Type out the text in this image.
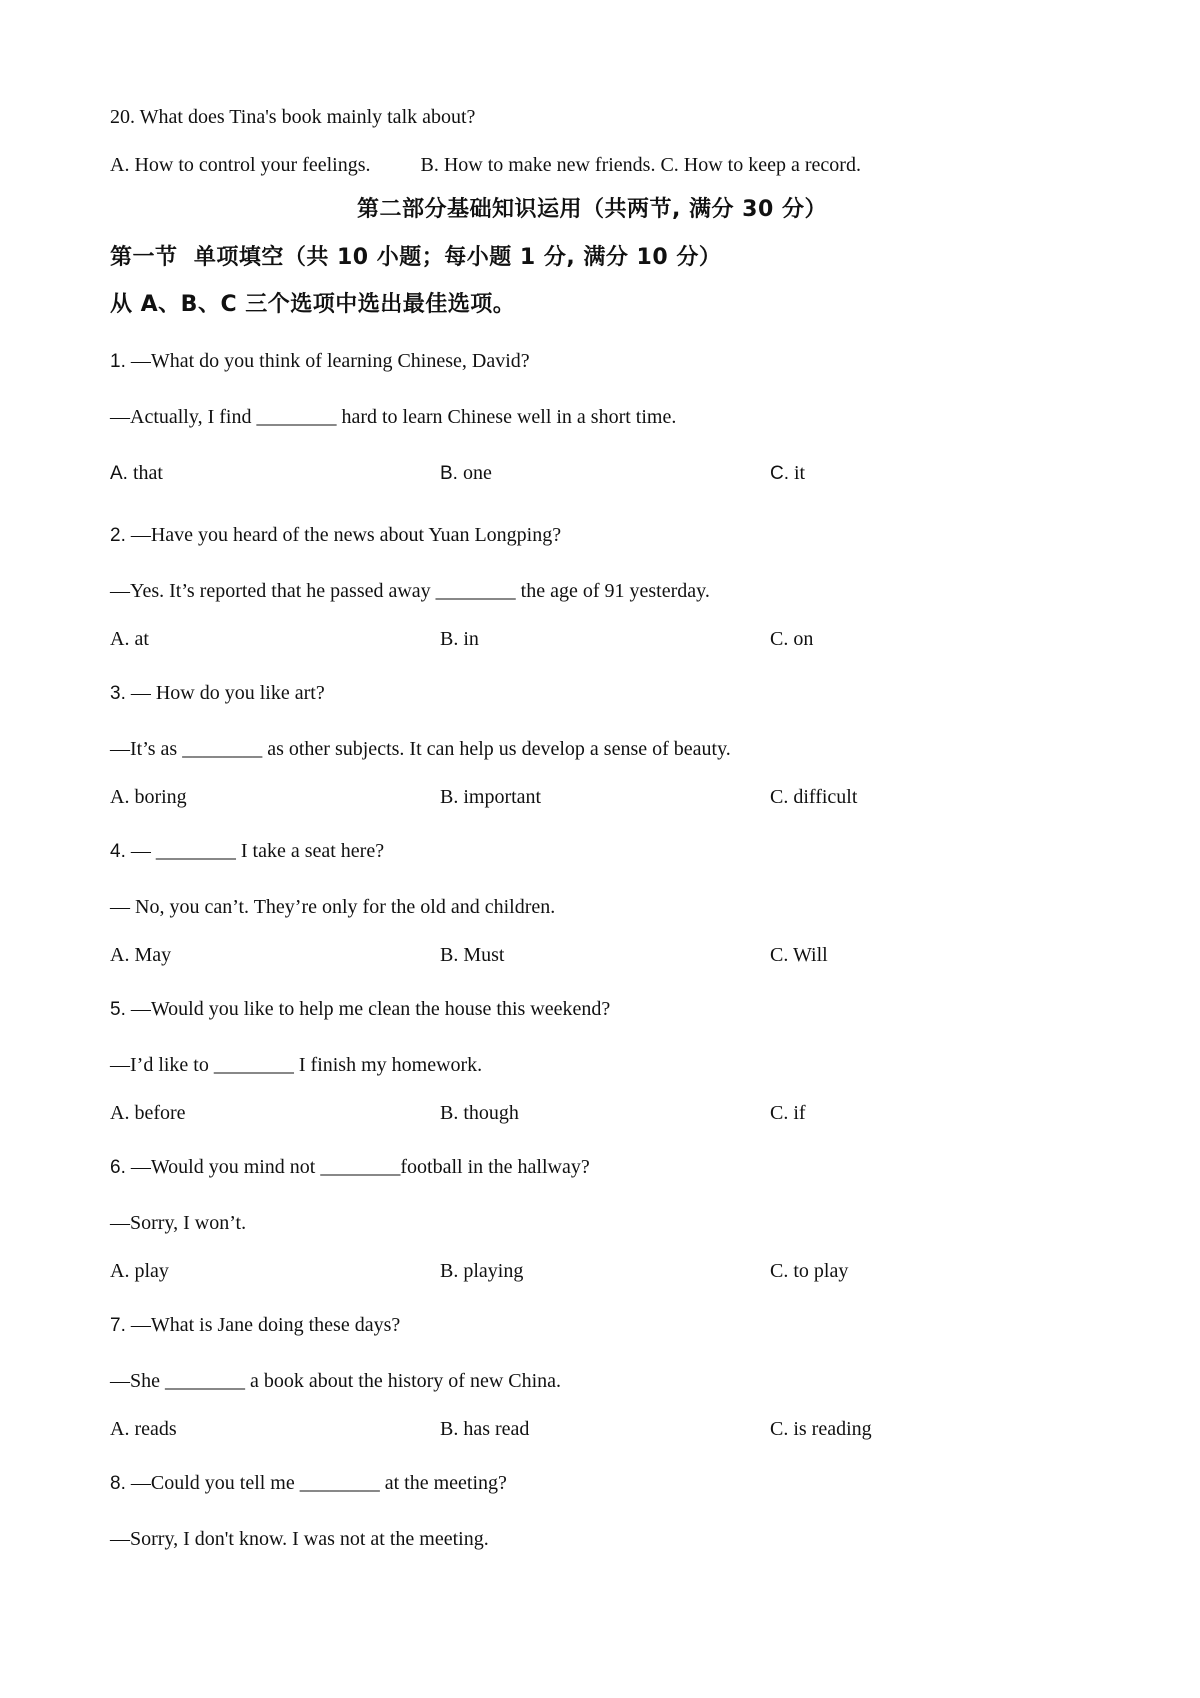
20. What does Tina's book mainly talk about?
A. How to control your feelings.          B. How to make new friends. C. How to keep a record.
第二部分基础知识运用（共两节, 满分 30 分）
第一节  单项填空（共 10 小题；每小题 1 分, 满分 10 分）
从 A、B、C 三个选项中选出最佳选项。
1. —What do you think of learning Chinese, David?
—Actually, I find ________ hard to learn Chinese well in a short time.
A. that	B. one	C. it
2. —Have you heard of the news about Yuan Longping?
—Yes. It’s reported that he passed away ________ the age of 91 yesterday.
A. at	B. in	C. on
3. — How do you like art?
—It’s as ________ as other subjects. It can help us develop a sense of beauty.
A. boring	B. important	C. difficult
4. — ________ I take a seat here?
— No, you can’t. They’re only for the old and children.
A. May	B. Must	C. Will
5. —Would you like to help me clean the house this weekend?
—I’d like to ________ I finish my homework.
A. before	B. though	C. if
6. —Would you mind not ________football in the hallway?
—Sorry, I won’t.
A. play	B. playing	C. to play
7. —What is Jane doing these days?
—She ________ a book about the history of new China.
A. reads	B. has read	C. is reading
8. —Could you tell me ________ at the meeting?
—Sorry, I don't know. I was not at the meeting.
